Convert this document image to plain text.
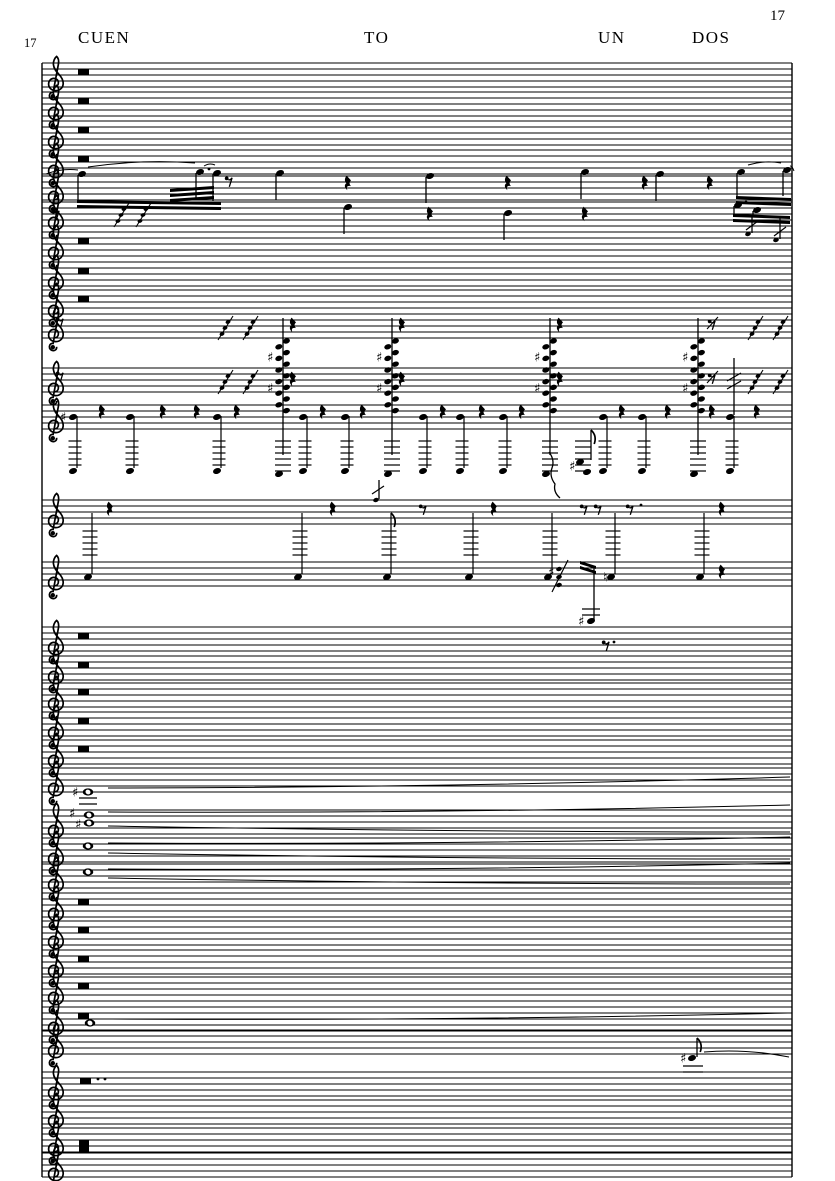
♯
♯
♯
♯
♯
♯
♯
♯
♯
♯
♮
♯
♯
♯
♯
♯
♯
17
17 CUEN	TO	UN	DOS
